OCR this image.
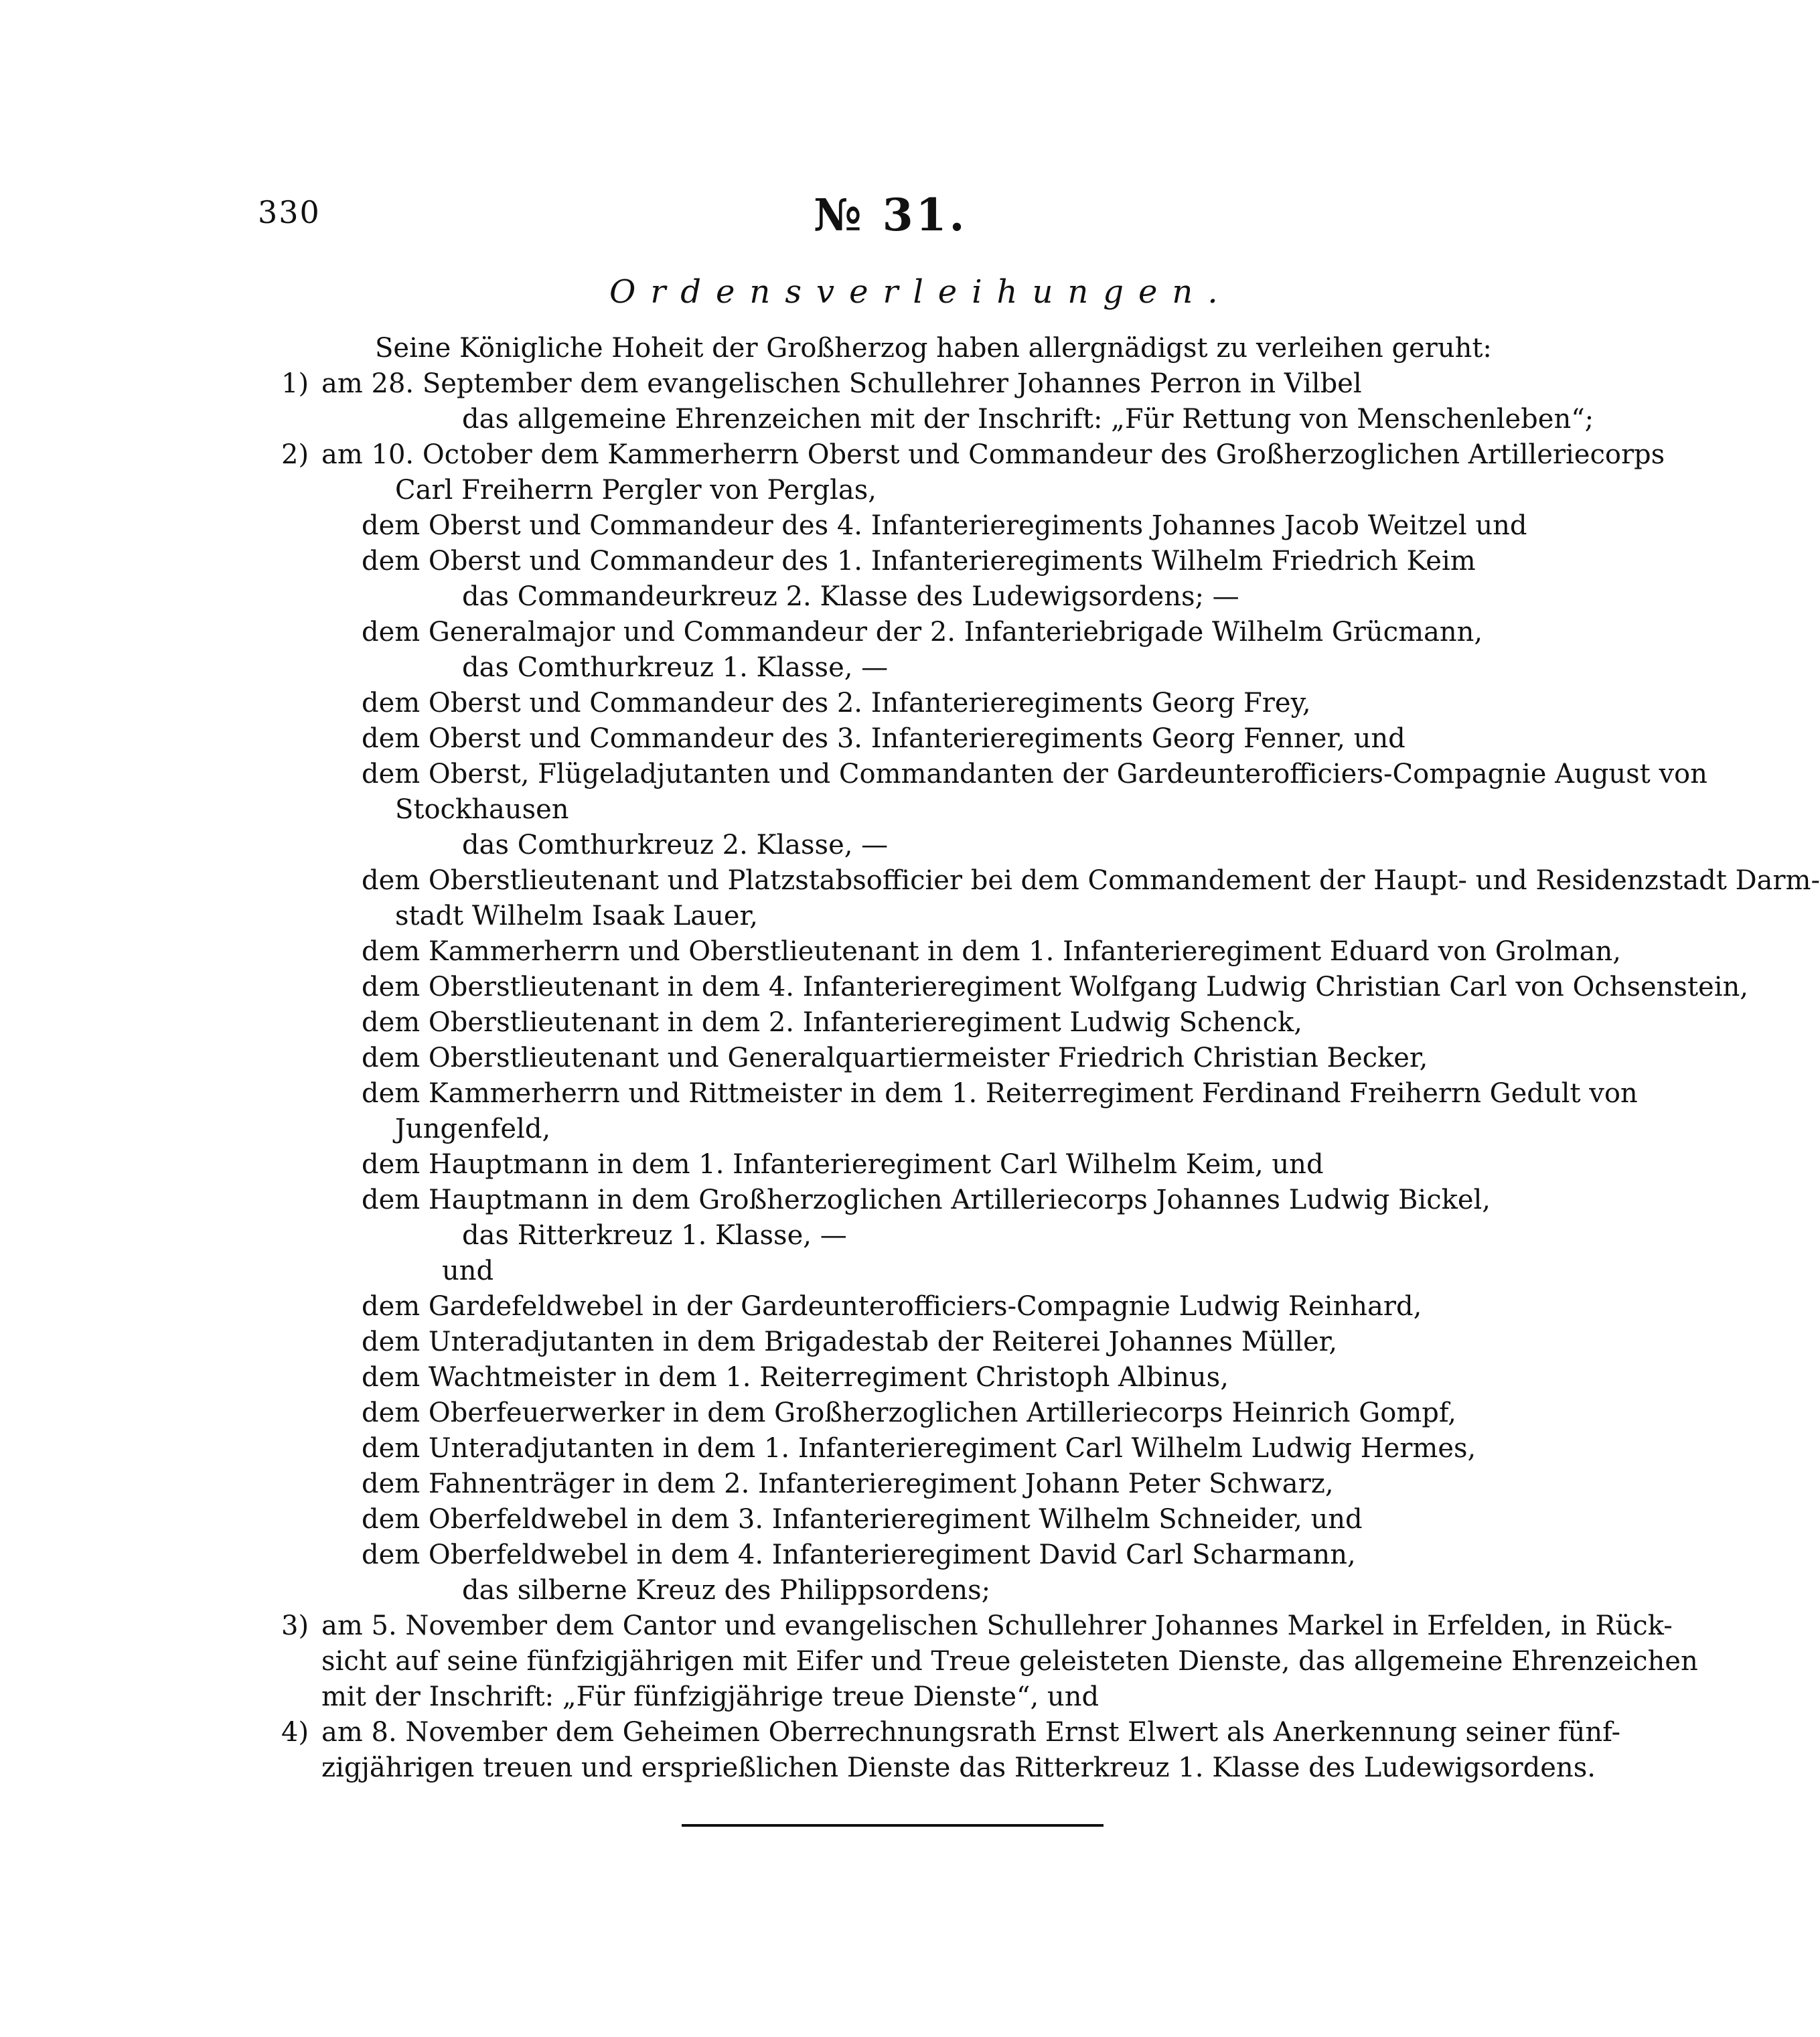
330	№ 31.
Ordensverleihungen.
Seine Königliche Hoheit der Großherzog haben allergnädigst zu verleihen geruht:
1) am 28. September dem evangelischen Schullehrer Johannes Perron in Vilbel
das allgemeine Ehrenzeichen mit der Inschrift: „Für Rettung von Menschenleben“;
2) am 10. October dem Kammerherrn Oberst und Commandeur des Großherzoglichen Artilleriecorps
Carl Freiherrn Pergler von Perglas,
dem Oberst und Commandeur des 4. Infanterieregiments Johannes Jacob Weitzel und
dem Oberst und Commandeur des 1. Infanterieregiments Wilhelm Friedrich Keim
das Commandeurkreuz 2. Klasse des Ludewigsordens; —
dem Generalmajor und Commandeur der 2. Infanteriebrigade Wilhelm Grücmann,
das Comthurkreuz 1. Klasse, —
dem Oberst und Commandeur des 2. Infanterieregiments Georg Frey,
dem Oberst und Commandeur des 3. Infanterieregiments Georg Fenner, und
dem Oberst, Flügeladjutanten und Commandanten der Gardeunterofficiers-Compagnie August von
Stockhausen
das Comthurkreuz 2. Klasse, —
dem Oberstlieutenant und Platzstabsofficier bei dem Commandement der Haupt- und Residenzstadt Darm-
stadt Wilhelm Isaak Lauer,
dem Kammerherrn und Oberstlieutenant in dem 1. Infanterieregiment Eduard von Grolman,
dem Oberstlieutenant in dem 4. Infanterieregiment Wolfgang Ludwig Christian Carl von Ochsenstein,
dem Oberstlieutenant in dem 2. Infanterieregiment Ludwig Schenck,
dem Oberstlieutenant und Generalquartiermeister Friedrich Christian Becker,
dem Kammerherrn und Rittmeister in dem 1. Reiterregiment Ferdinand Freiherrn Gedult von
Jungenfeld,
dem Hauptmann in dem 1. Infanterieregiment Carl Wilhelm Keim, und
dem Hauptmann in dem Großherzoglichen Artilleriecorps Johannes Ludwig Bickel,
das Ritterkreuz 1. Klasse, —
und
dem Gardefeldwebel in der Gardeunterofficiers-Compagnie Ludwig Reinhard,
dem Unteradjutanten in dem Brigadestab der Reiterei Johannes Müller,
dem Wachtmeister in dem 1. Reiterregiment Christoph Albinus,
dem Oberfeuerwerker in dem Großherzoglichen Artilleriecorps Heinrich Gompf,
dem Unteradjutanten in dem 1. Infanterieregiment Carl Wilhelm Ludwig Hermes,
dem Fahnenträger in dem 2. Infanterieregiment Johann Peter Schwarz,
dem Oberfeldwebel in dem 3. Infanterieregiment Wilhelm Schneider, und
dem Oberfeldwebel in dem 4. Infanterieregiment David Carl Scharmann,
das silberne Kreuz des Philippsordens;
3) am 5. November dem Cantor und evangelischen Schullehrer Johannes Markel in Erfelden, in Rück-
sicht auf seine fünfzigjährigen mit Eifer und Treue geleisteten Dienste, das allgemeine Ehrenzeichen
mit der Inschrift: „Für fünfzigjährige treue Dienste“, und
4) am 8. November dem Geheimen Oberrechnungsrath Ernst Elwert als Anerkennung seiner fünf-
zigjährigen treuen und ersprießlichen Dienste das Ritterkreuz 1. Klasse des Ludewigsordens.
